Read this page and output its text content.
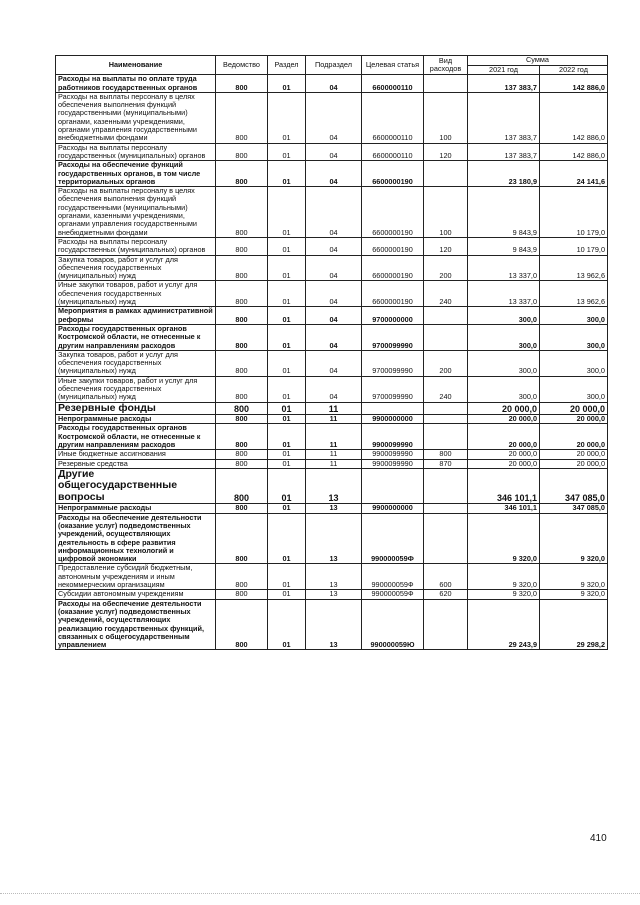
Наименование	Ведомство	Раздел	Подраздел	Целевая статья	Вид расходов	Сумма	
						2021 год	2022 год
Расходы на выплаты по оплате труда работников государственных органов	800	01	04	6600000110		137 383,7	142 886,0
Расходы на выплаты персоналу в целях обеспечения выполнения функций государственными (муниципальными) органами, казенными учреждениями, органами управления государственными внебюджетными фондами	800	01	04	6600000110	100	137 383,7	142 886,0
Расходы на выплаты персоналу государственных (муниципальных) органов	800	01	04	6600000110	120	137 383,7	142 886,0
Расходы на обеспечение функций государственных органов, в том числе территориальных органов	800	01	04	6600000190		23 180,9	24 141,6
Расходы на выплаты персоналу в целях обеспечения выполнения функций государственными (муниципальными) органами, казенными учреждениями, органами управления государственными внебюджетными фондами	800	01	04	6600000190	100	9 843,9	10 179,0
Расходы на выплаты персоналу государственных (муниципальных) органов	800	01	04	6600000190	120	9 843,9	10 179,0
Закупка товаров, работ и услуг для обеспечения государственных (муниципальных) нужд	800	01	04	6600000190	200	13 337,0	13 962,6
Иные закупки товаров, работ и услуг для обеспечения государственных (муниципальных) нужд	800	01	04	6600000190	240	13 337,0	13 962,6
Мероприятия в рамках административной реформы	800	01	04	9700000000		300,0	300,0
Расходы государственных органов Костромской области, не отнесенные к другим направлениям расходов	800	01	04	9700099990		300,0	300,0
Закупка товаров, работ и услуг для обеспечения государственных (муниципальных) нужд	800	01	04	9700099990	200	300,0	300,0
Иные закупки товаров, работ и услуг для обеспечения государственных (муниципальных) нужд	800	01	04	9700099990	240	300,0	300,0
Резервные фонды	800	01	11			20 000,0	20 000,0
Непрограммные расходы	800	01	11	9900000000		20 000,0	20 000,0
Расходы государственных органов Костромской области, не отнесенные к другим направлениям расходов	800	01	11	9900099990		20 000,0	20 000,0
Иные бюджетные ассигнования	800	01	11	9900099990	800	20 000,0	20 000,0
Резервные средства	800	01	11	9900099990	870	20 000,0	20 000,0
Другие общегосударственные вопросы	800	01	13			346 101,1	347 085,0
Непрограммные расходы	800	01	13	9900000000		346 101,1	347 085,0
Расходы на обеспечение деятельности (оказание услуг) подведомственных учреждений, осуществляющих деятельность в сфере развития информационных технологий и цифровой экономики	800	01	13	990000059Ф		9 320,0	9 320,0
Предоставление субсидий бюджетным, автономным учреждениям и иным некоммерческим организациям	800	01	13	990000059Ф	600	9 320,0	9 320,0
Субсидии автономным учреждениям	800	01	13	990000059Ф	620	9 320,0	9 320,0
Расходы на обеспечение деятельности (оказание услуг) подведомственных учреждений, осуществляющих реализацию государственных функций, связанных с общегосударственным управлением	800	01	13	990000059Ю		29 243,9	29 298,2
410
